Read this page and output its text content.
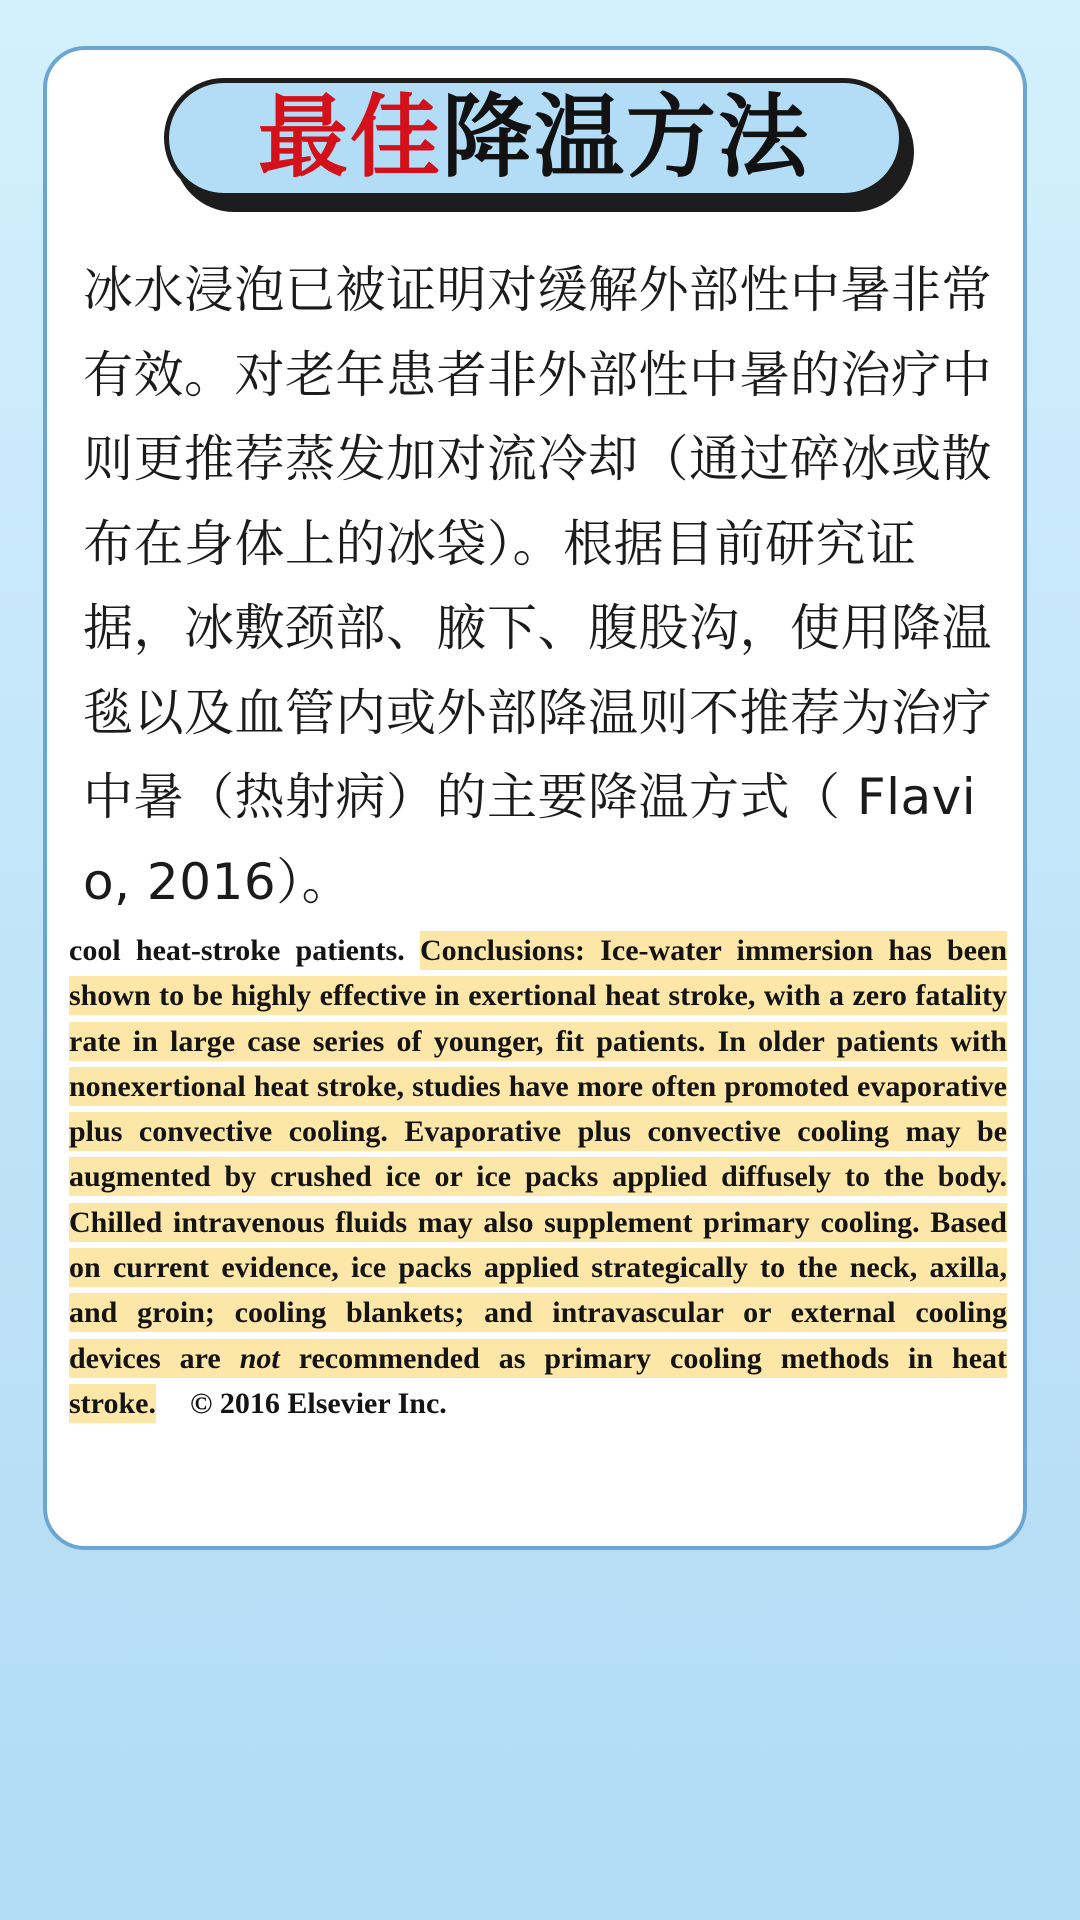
最佳 降温方法

冰水浸泡已被证明对缓解外部性中暑非常有效。对老年患者非外部性中暑的治疗中则更推荐蒸发加对流冷却（通过碎冰或散布在身体上的冰袋）。根据目前研究证据，冰敷颈部、腋下、腹股沟，使用降温毯以及血管内或外部降温则不推荐为治疗中暑（热射病）的主要降温方式（ Flavio, 2016）。

cool heat-stroke patients. Conclusions: Ice-water immersion has been shown to be highly effective in exertional heat stroke, with a zero fatality rate in large case series of younger, fit patients. In older patients with nonexertional heat stroke, studies have more often promoted evaporative plus convective cooling. Evaporative plus convective cooling may be augmented by crushed ice or ice packs applied diffusely to the body. Chilled intravenous fluids may also supplement primary cooling. Based on current evidence, ice packs applied strategically to the neck, axilla, and groin; cooling blankets; and intravascular or external cooling devices are not recommended as primary cooling methods in heat stroke. © 2016 Elsevier Inc.
